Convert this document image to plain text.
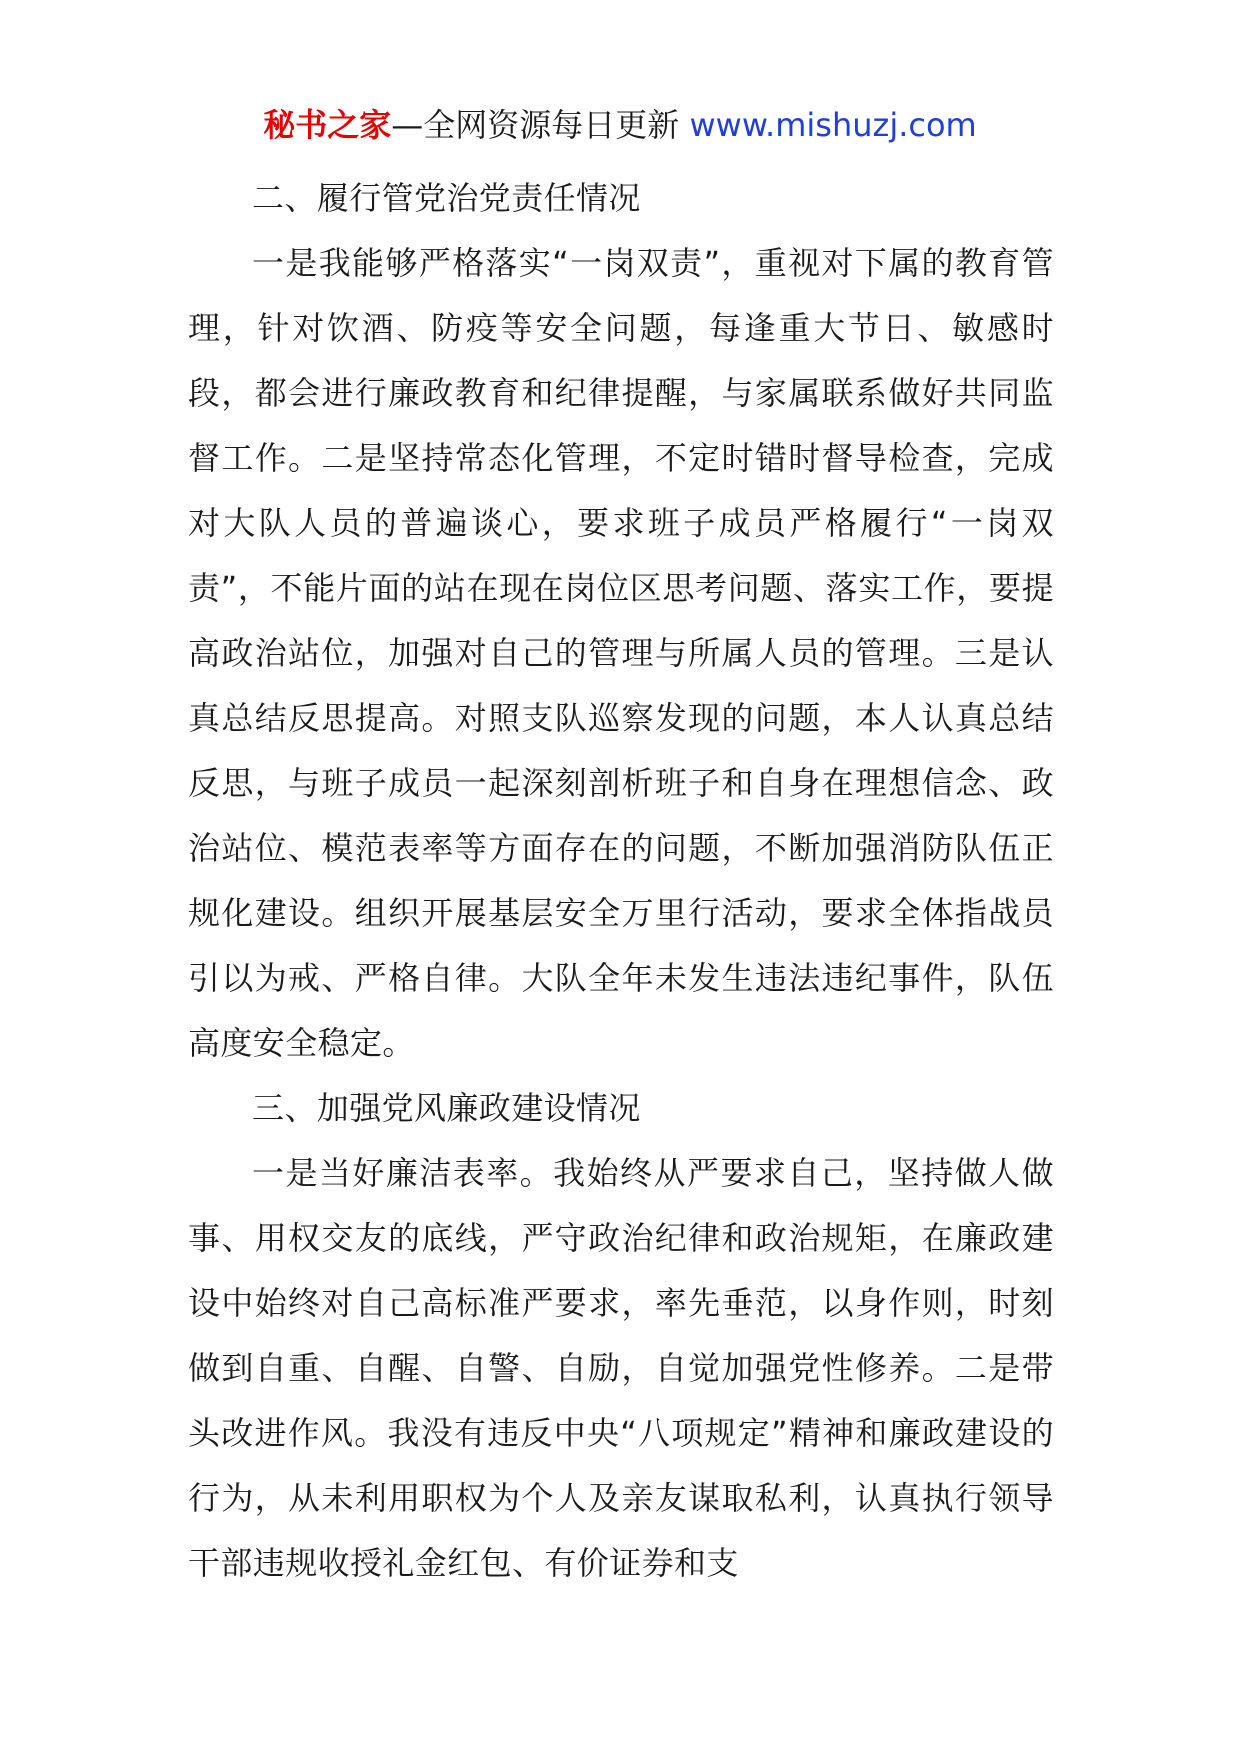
秘书之家—全网资源每日更新 www.mishuzj.com

二、履行管党治党责任情况

一是我能够严格落实“一岗双责”，重视对下属的教育管理，针对饮酒、防疫等安全问题，每逢重大节日、敏感时段，都会进行廉政教育和纪律提醒，与家属联系做好共同监督工作。二是坚持常态化管理，不定时错时督导检查，完成对大队人员的普遍谈心，要求班子成员严格履行“一岗双责”，不能片面的站在现在岗位区思考问题、落实工作，要提高政治站位，加强对自己的管理与所属人员的管理。三是认真总结反思提高。对照支队巡察发现的问题，本人认真总结反思，与班子成员一起深刻剖析班子和自身在理想信念、政治站位、模范表率等方面存在的问题，不断加强消防队伍正规化建设。组织开展基层安全万里行活动，要求全体指战员引以为戒、严格自律。大队全年未发生违法违纪事件，队伍高度安全稳定。

三、加强党风廉政建设情况

一是当好廉洁表率。我始终从严要求自己，坚持做人做事、用权交友的底线，严守政治纪律和政治规矩，在廉政建设中始终对自己高标准严要求，率先垂范，以身作则，时刻做到自重、自醒、自警、自励，自觉加强党性修养。二是带头改进作风。我没有违反中央“八项规定”精神和廉政建设的行为，从未利用职权为个人及亲友谋取私利，认真执行领导干部违规收授礼金红包、有价证券和支
